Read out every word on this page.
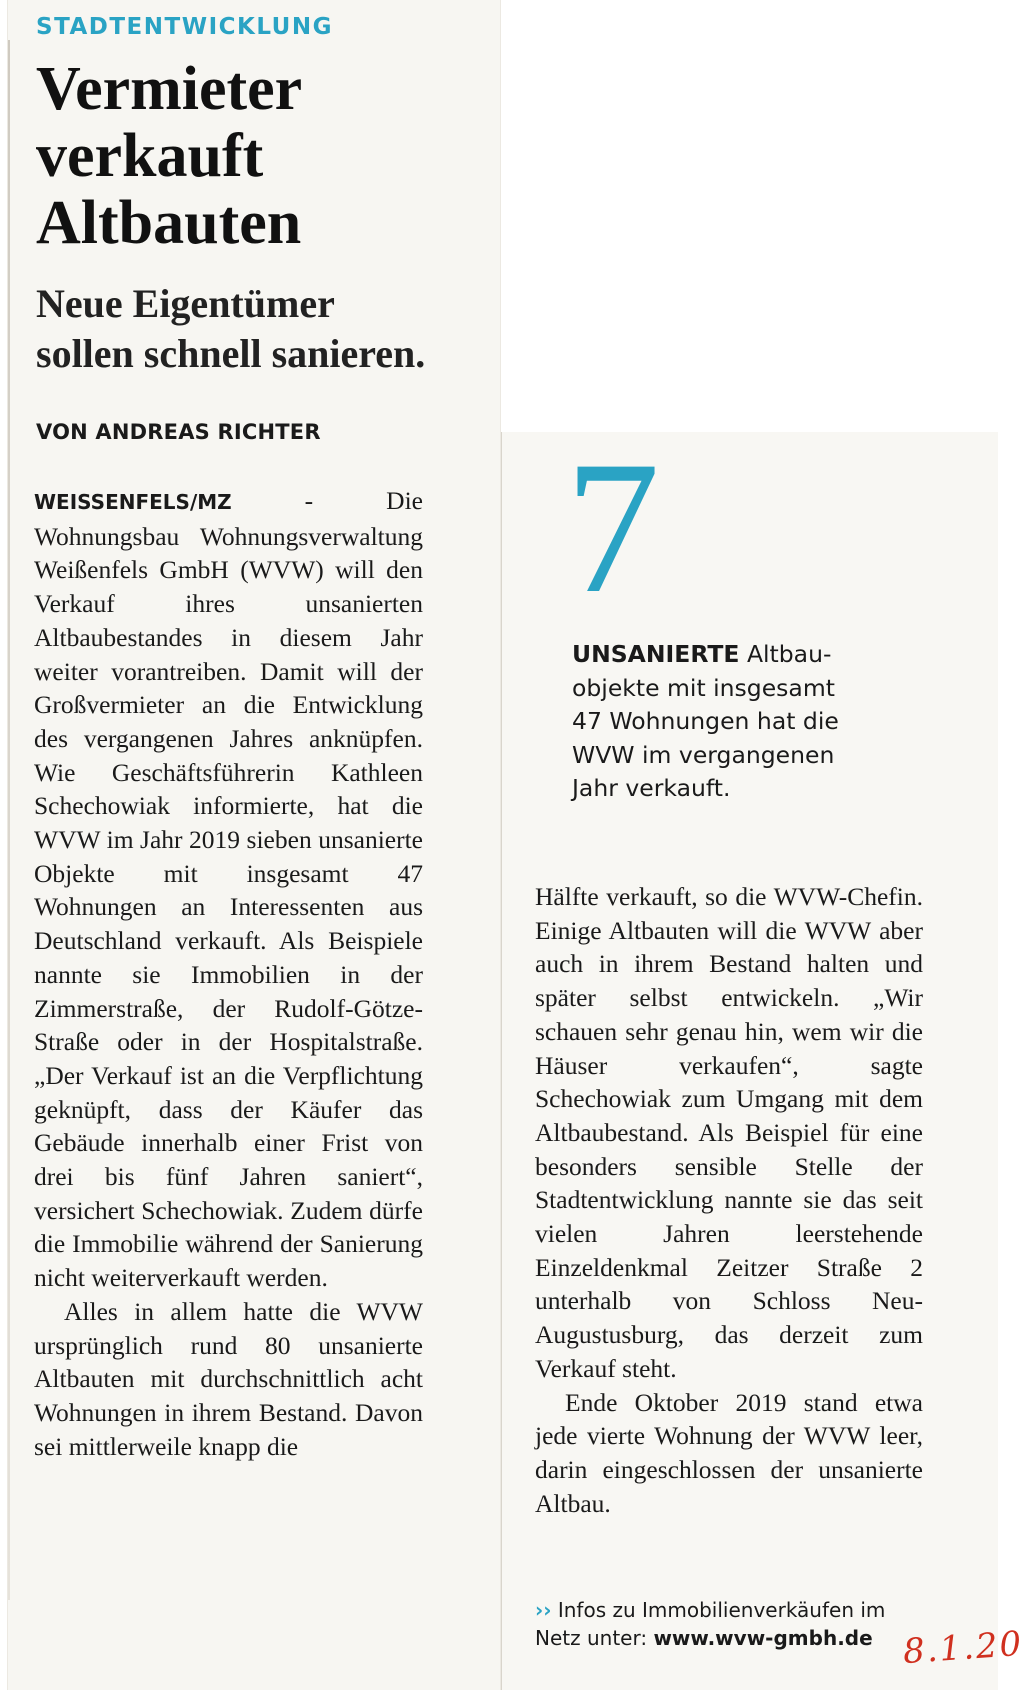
STADTENTWICKLUNG
Vermieter
verkauft
Altbauten
Neue Eigentümer
sollen schnell sanieren.
VON ANDREAS RICHTER

WEISSENFELS/MZ - Die Wohnungsbau Wohnungsverwaltung Weißenfels GmbH (WVW) will den Verkauf ihres unsanierten Altbaubestandes in diesem Jahr weiter vorantreiben. Damit will der Großvermieter an die Entwicklung des vergangenen Jahres anknüpfen. Wie Geschäftsführerin Kathleen Schechowiak informierte, hat die WVW im Jahr 2019 sieben unsanierte Objekte mit insgesamt 47 Wohnungen an Interessenten aus Deutschland verkauft. Als Beispiele nannte sie Immobilien in der Zimmerstraße, der Rudolf-Götze-Straße oder in der Hospitalstraße. „Der Verkauf ist an die Verpflichtung geknüpft, dass der Käufer das Gebäude innerhalb einer Frist von drei bis fünf Jahren saniert“, versichert Schechowiak. Zudem dürfe die Immobilie während der Sanierung nicht weiterverkauft werden.

Alles in allem hatte die WVW ursprünglich rund 80 unsanierte Altbauten mit durchschnittlich acht Wohnungen in ihrem Bestand. Davon sei mittlerweile knapp die

7

UNSANIERTE Altbau-
objekte mit insgesamt
47 Wohnungen hat die
WVW im vergangenen
Jahr verkauft.

Hälfte verkauft, so die WVW-Chefin. Einige Altbauten will die WVW aber auch in ihrem Bestand halten und später selbst entwickeln. „Wir schauen sehr genau hin, wem wir die Häuser verkaufen“, sagte Schechowiak zum Umgang mit dem Altbaubestand. Als Beispiel für eine besonders sensible Stelle der Stadtentwicklung nannte sie das seit vielen Jahren leerstehende Einzeldenkmal Zeitzer Straße 2 unterhalb von Schloss Neu-Augustusburg, das derzeit zum Verkauf steht.

Ende Oktober 2019 stand etwa jede vierte Wohnung der WVW leer, darin eingeschlossen der unsanierte Altbau.

›› Infos zu Immobilienverkäufen im Netz unter: www.wvw-gmbh.de 8.1.20
